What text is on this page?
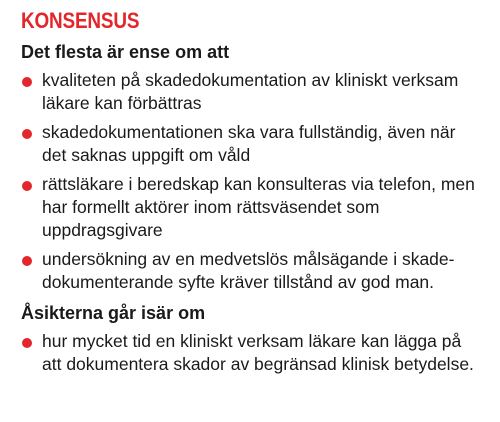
KONSENSUS
Det flesta är ense om att
kvaliteten på skadedokumentation av kliniskt verksam läkare kan förbättras
skadedokumentationen ska vara fullständig, även när det saknas uppgift om våld
rättsläkare i beredskap kan konsulteras via telefon, men har formellt aktörer inom rättsväsendet som uppdragsgivare
undersökning av en medvetslös målsägande i skade-dokumenterande syfte kräver tillstånd av god man.
Åsikterna går isär om
hur mycket tid en kliniskt verksam läkare kan lägga på att dokumentera skador av begränsad klinisk betydelse.
